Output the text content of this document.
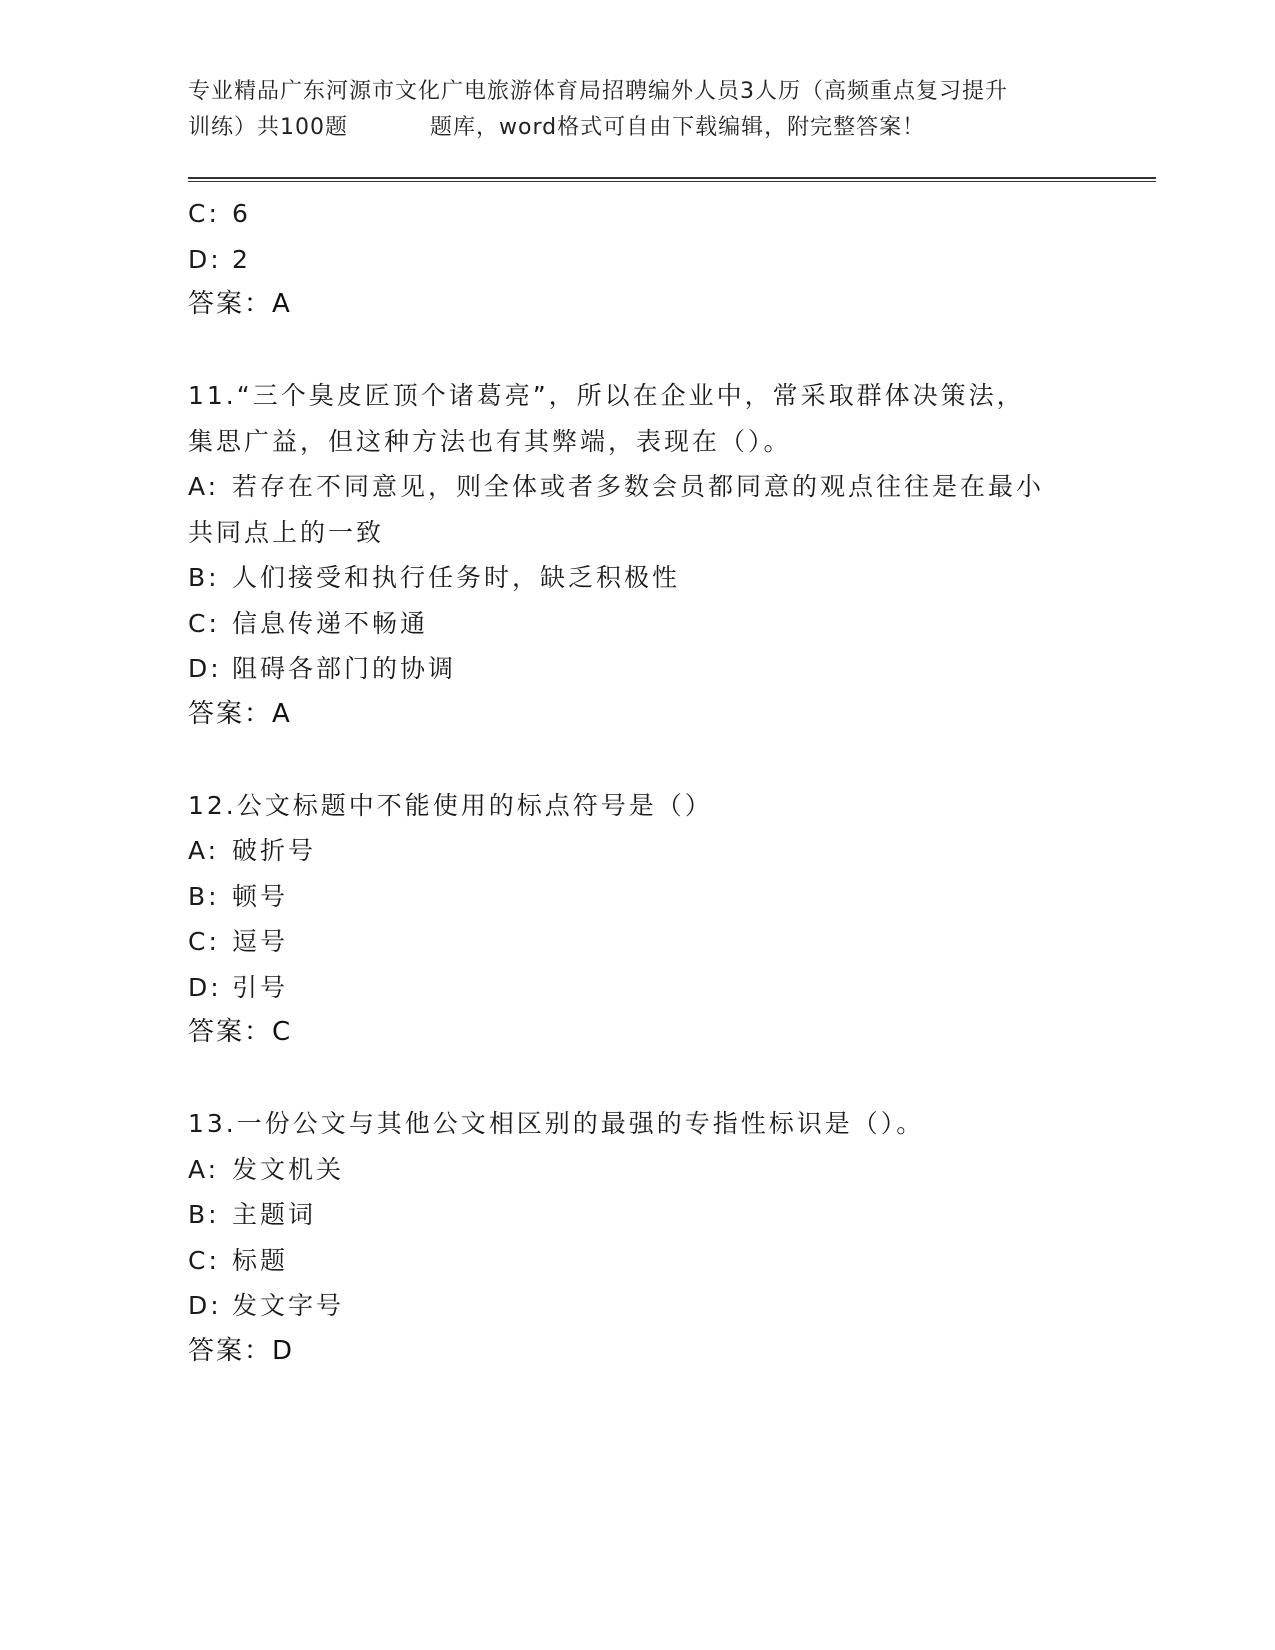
专业精品广东河源市文化广电旅游体育局招聘编外人员3人历（高频重点复习提升
训练）共100题	题库，word格式可自由下载编辑，附完整答案！
C: 6
D: 2
答案：A
11.“三个臭皮匠顶个诸葛亮”，所以在企业中，常采取群体决策法，
集思广益，但这种方法也有其弊端，表现在（）。
A: 若存在不同意见，则全体或者多数会员都同意的观点往往是在最小
共同点上的一致
B: 人们接受和执行任务时，缺乏积极性
C: 信息传递不畅通
D: 阻碍各部门的协调
答案：A
12.公文标题中不能使用的标点符号是（）
A: 破折号
B: 顿号
C: 逗号
D: 引号
答案：C
13.一份公文与其他公文相区别的最强的专指性标识是（）。
A: 发文机关
B: 主题词
C: 标题
D: 发文字号
答案：D
